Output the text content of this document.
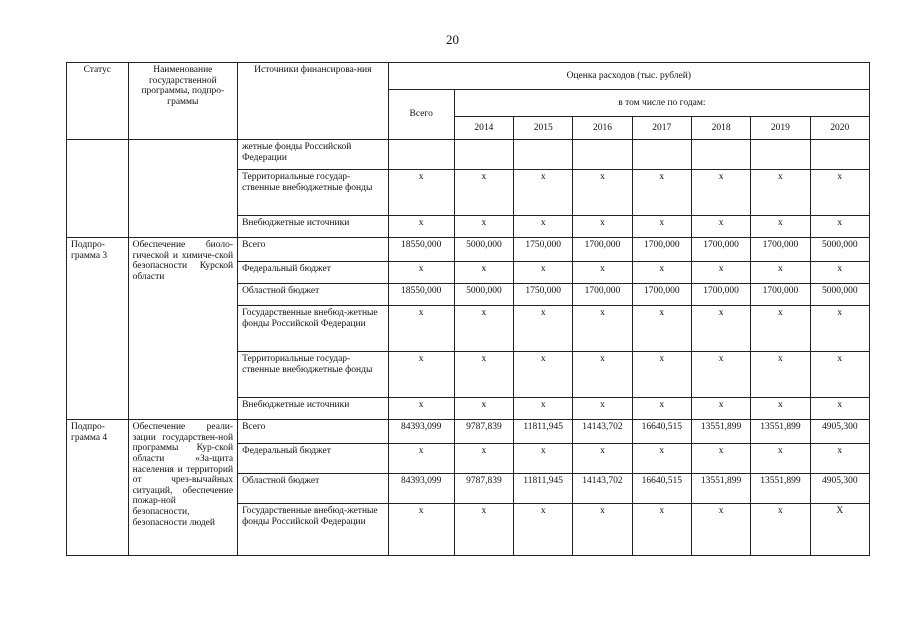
20
Статус	Наименование государственной программы, подпро-граммы	Источники финансирова-ния	Оценка расходов (тыс. рублей)							
			Всего	в том числе по годам:						
				2014	2015	2016	2017	2018	2019	2020
		жетные фонды Российской Федерации								
		Территориальные государ-ственные внебюджетные фонды	x	x	x	x	x	x	x	x
		Внебюджетные источники	x	x	x	x	x	x	x	x
Подпро-грамма 3	Обеспечение биоло-гической и химиче-ской безопасности Курской области	Всего	18550,000	5000,000	1750,000	1700,000	1700,000	1700,000	1700,000	5000,000
		Федеральный бюджет	x	x	x	x	x	x	x	x
		Областной бюджет	18550,000	5000,000	1750,000	1700,000	1700,000	1700,000	1700,000	5000,000
		Государственные внебюд-жетные фонды Российской Федерации	x	x	x	x	x	x	x	x
		Территориальные государ-ственные внебюджетные фонды	x	x	x	x	x	x	x	x
		Внебюджетные источники	x	x	x	x	x	x	x	x
Подпро-грамма 4	Обеспечение реали-зации государствен-ной программы Кур-ской области «За-щита населения и территорий от чрез-вычайных ситуаций, обеспечение пожар-ной безопасности, безопасности людей	Всего	84393,099	9787,839	11811,945	14143,702	16640,515	13551,899	13551,899	4905,300
		Федеральный бюджет	x	x	x	x	x	x	x	x
		Областной бюджет	84393,099	9787,839	11811,945	14143,702	16640,515	13551,899	13551,899	4905,300
		Государственные внебюд-жетные фонды Российской Федерации	x	x	x	x	x	x	x	X
